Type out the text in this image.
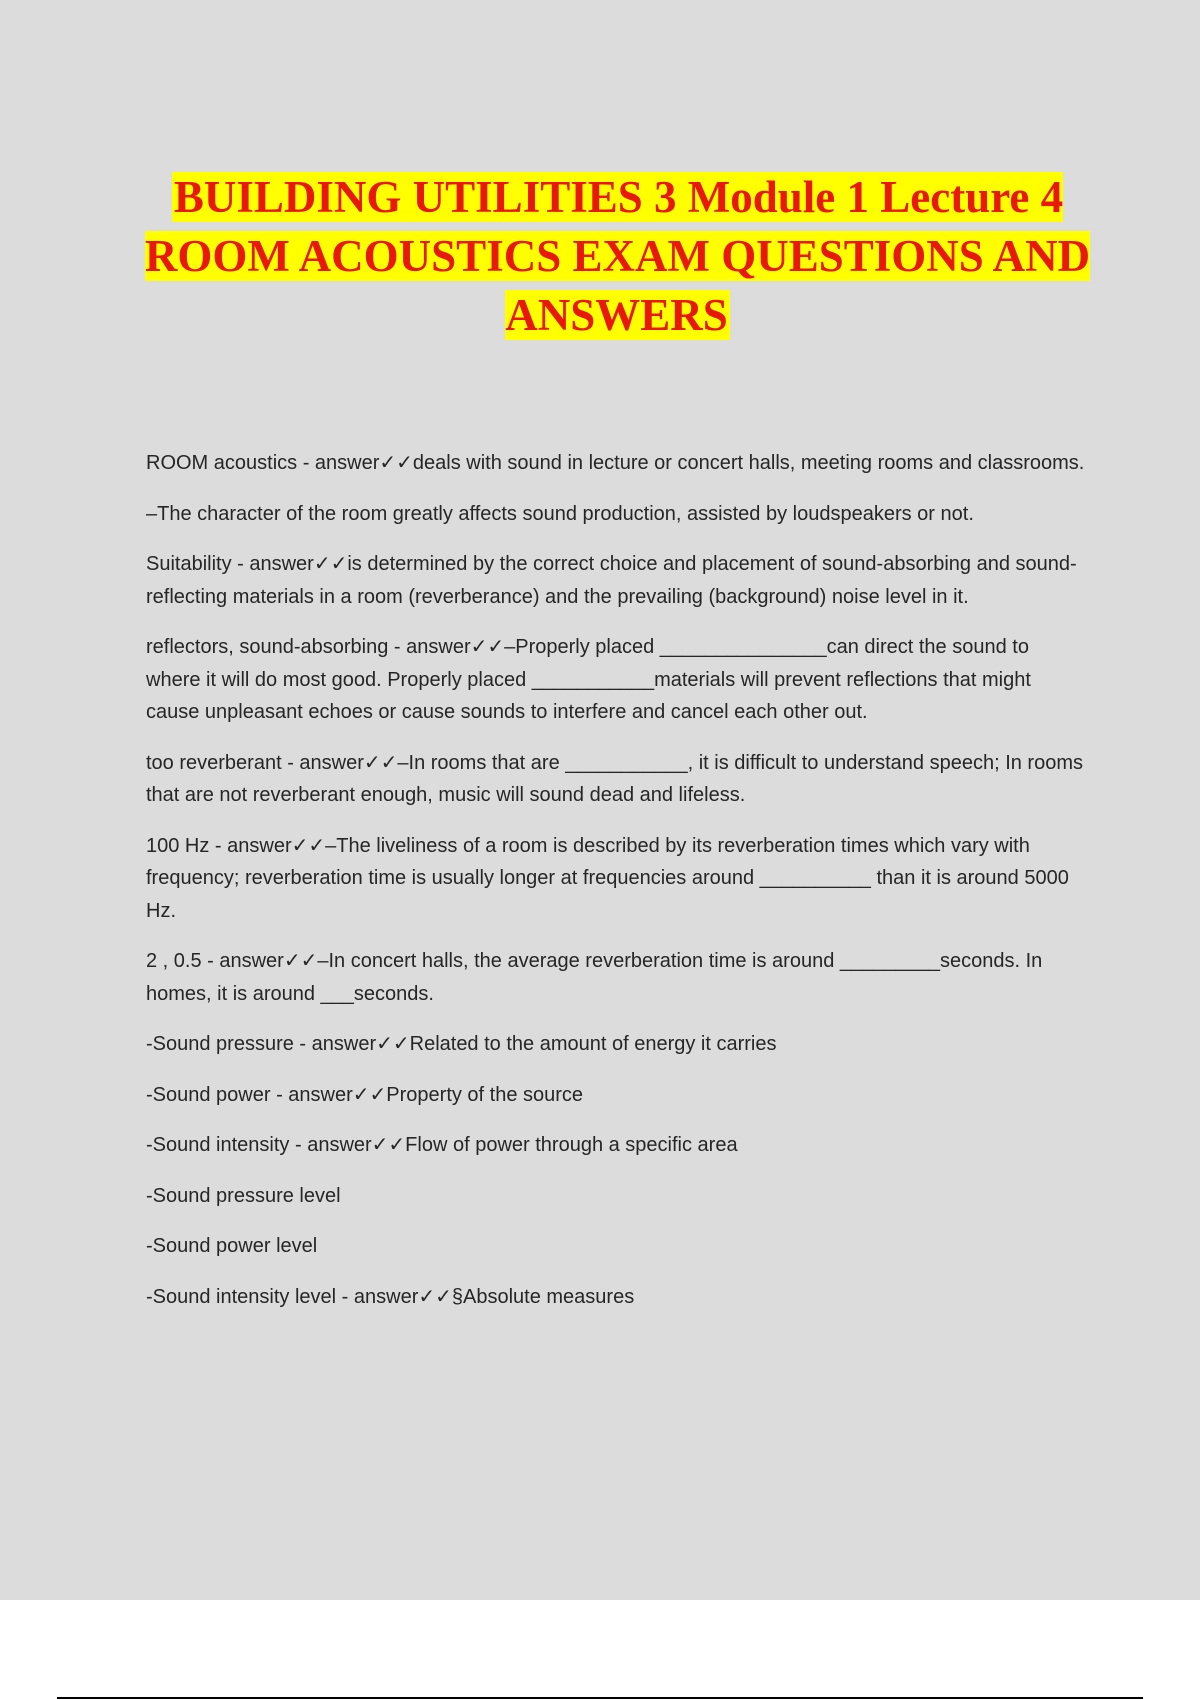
BUILDING UTILITIES 3 Module 1 Lecture 4 ROOM ACOUSTICS EXAM QUESTIONS AND ANSWERS

ROOM acoustics - answer✓✓deals with sound in lecture or concert halls, meeting rooms and classrooms.

–The character of the room greatly affects sound production, assisted by loudspeakers or not.

Suitability - answer✓✓is determined by the correct choice and placement of sound-absorbing and sound-reflecting materials in a room (reverberance) and the prevailing (background) noise level in it.

reflectors, sound-absorbing - answer✓✓–Properly placed _______________can direct the sound to where it will do most good. Properly placed ___________materials will prevent reflections that might cause unpleasant echoes or cause sounds to interfere and cancel each other out.

too reverberant - answer✓✓–In rooms that are ___________, it is difficult to understand speech; In rooms that are not reverberant enough, music will sound dead and lifeless.

100 Hz - answer✓✓–The liveliness of a room is described by its reverberation times which vary with frequency; reverberation time is usually longer at frequencies around __________ than it is around 5000 Hz.

2 , 0.5 - answer✓✓–In concert halls, the average reverberation time is around _________seconds. In homes, it is around ___seconds.

-Sound pressure - answer✓✓Related to the amount of energy it carries

-Sound power - answer✓✓Property of the source

-Sound intensity - answer✓✓Flow of power through a specific area

-Sound pressure level

-Sound power level

-Sound intensity level - answer✓✓§Absolute measures
